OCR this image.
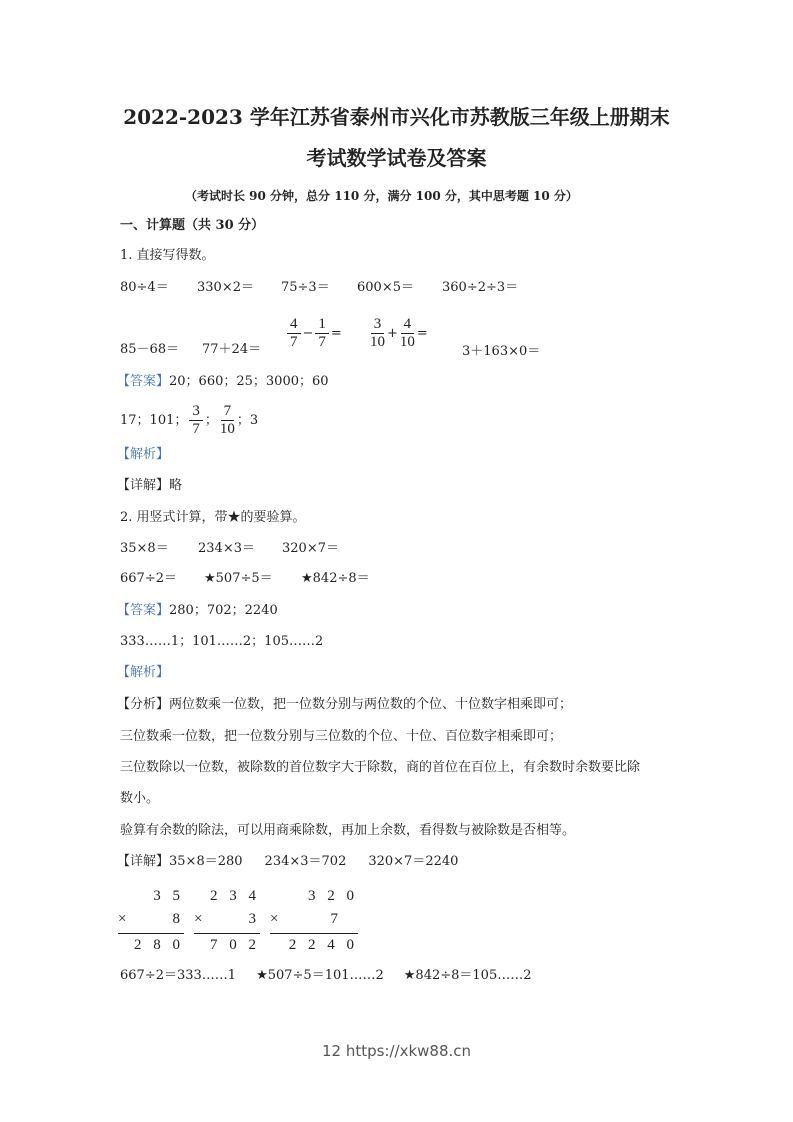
2022-2023 学年江苏省泰州市兴化市苏教版三年级上册期末
考试数学试卷及答案
（考试时长 90 分钟，总分 110 分，满分 100 分，其中思考题 10 分）
一、计算题（共 30 分）
1. 直接写得数。
80÷4＝ 330×2＝ 75÷3＝ 600×5＝ 360÷2÷3＝
$85-68= 77+24= \frac{4}{7} - \frac{1}{7} = \frac{3}{10} + \frac{4}{10}$ =
3＋163×0＝
【答案】20；660；25；3000；60
17；101； $\frac{3}{7}$ ； $\frac{7}{10}$ ；3
【解析】
【详解】略
2. 用竖式计算，带★的要验算。
35×8＝ 234×3＝ 320×7＝
667÷2＝ ★507÷5＝ ★842÷8＝
【答案】280；702；2240
333……1；101……2；105……2
【解析】
【分析】两位数乘一位数，把一位数分别与两位数的个位、十位数字相乘即可；
三位数乘一位数，把一位数分别与三位数的个位、十位、百位数字相乘即可；
三位数除以一位数，被除数的首位数字大于除数，商的首位在百位上，有余数时余数要比除
数小。
验算有余数的除法，可以用商乘除数，再加上余数，看得数与被除数是否相等。
【详解】35×8＝280 234×3＝702 320×7＝2240
3 5
×	8
2 8 0
2 3 4
×	3
7 0 2
3 2 0
×	7
2 2 4 0
667÷2＝333……1 ★507÷5＝101……2 ★842÷8＝105……2
12 https://xkw88.cn
